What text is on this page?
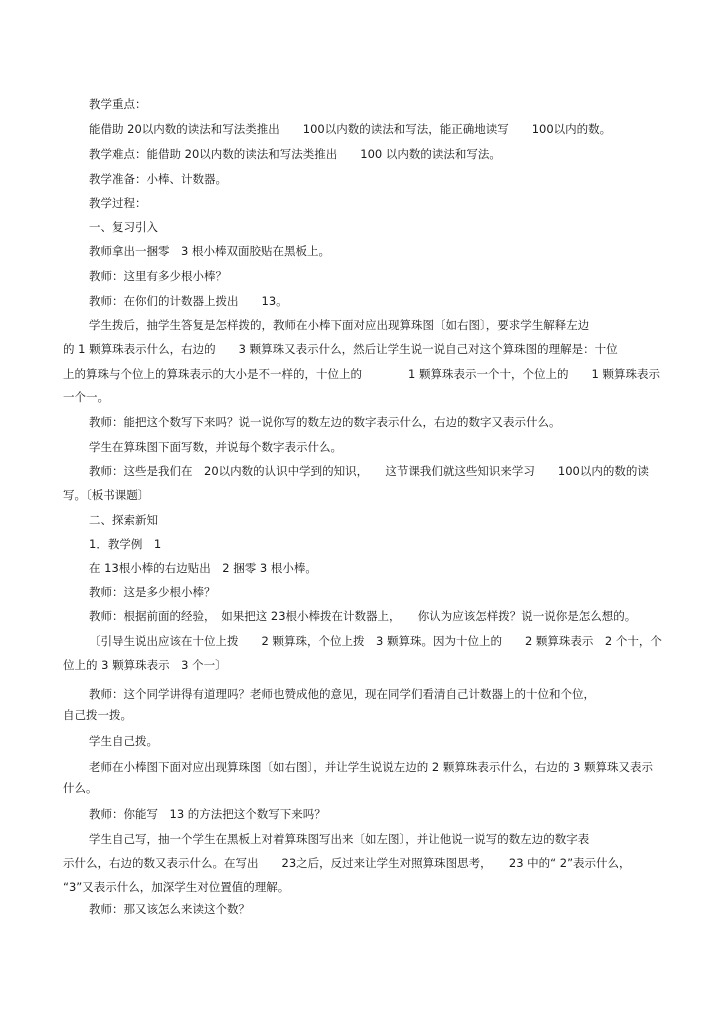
教学重点：
能借助 20以内数的读法和写法类推出　　100以内数的读法和写法，能正确地读写　　100以内的数。
教学难点：能借助 20以内数的读法和写法类推出　　100 以内数的读法和写法。
教学准备：小棒、计数器。
教学过程：
一、复习引入
教师拿出一捆零　3 根小棒双面胶贴在黑板上。
教师：这里有多少根小棒？
教师：在你们的计数器上拨出　　13。
学生拨后，抽学生答复是怎样拨的，教师在小棒下面对应出现算珠图〔如右图〕，要求学生解释左边
的 1 颗算珠表示什么，右边的　　3 颗算珠又表示什么，然后让学生说一说自己对这个算珠图的理解是：十位
上的算珠与个位上的算珠表示的大小是不一样的，十位上的　　　　1 颗算珠表示一个十，个位上的　　1 颗算珠表示
一个一。
教师：能把这个数写下来吗？说一说你写的数左边的数字表示什么，右边的数字又表示什么。
学生在算珠图下面写数，并说每个数字表示什么。
教师：这些是我们在　20以内数的认识中学到的知识，　　这节课我们就这些知识来学习　　100以内的数的读
写。〔板书课题〕
二、探索新知
1．教学例　1
在 13根小棒的右边贴出　2 捆零 3 根小棒。
教师：这是多少根小棒？
教师：根据前面的经验，　如果把这 23根小棒拨在计数器上，　　你认为应该怎样拨？说一说你是怎么想的。
〔引导生说出应该在十位上拨　　2 颗算珠，个位上拨　3 颗算珠。因为十位上的　　2 颗算珠表示　2 个十，个
位上的 3 颗算珠表示　3 个一〕
教师：这个同学讲得有道理吗？老师也赞成他的意见，现在同学们看清自己计数器上的十位和个位，
自己拨一拨。
学生自己拨。
老师在小棒图下面对应出现算珠图〔如右图〕，并让学生说说左边的 2 颗算珠表示什么，右边的 3 颗算珠又表示
什么。
教师：你能写　13 的方法把这个数写下来吗？
学生自己写，抽一个学生在黑板上对着算珠图写出来〔如左图〕，并让他说一说写的数左边的数字表
示什么，右边的数又表示什么。在写出　　23之后，反过来让学生对照算珠图思考，　　23 中的“ 2”表示什么，
“3”又表示什么，加深学生对位置值的理解。
教师：那又该怎么来读这个数？
